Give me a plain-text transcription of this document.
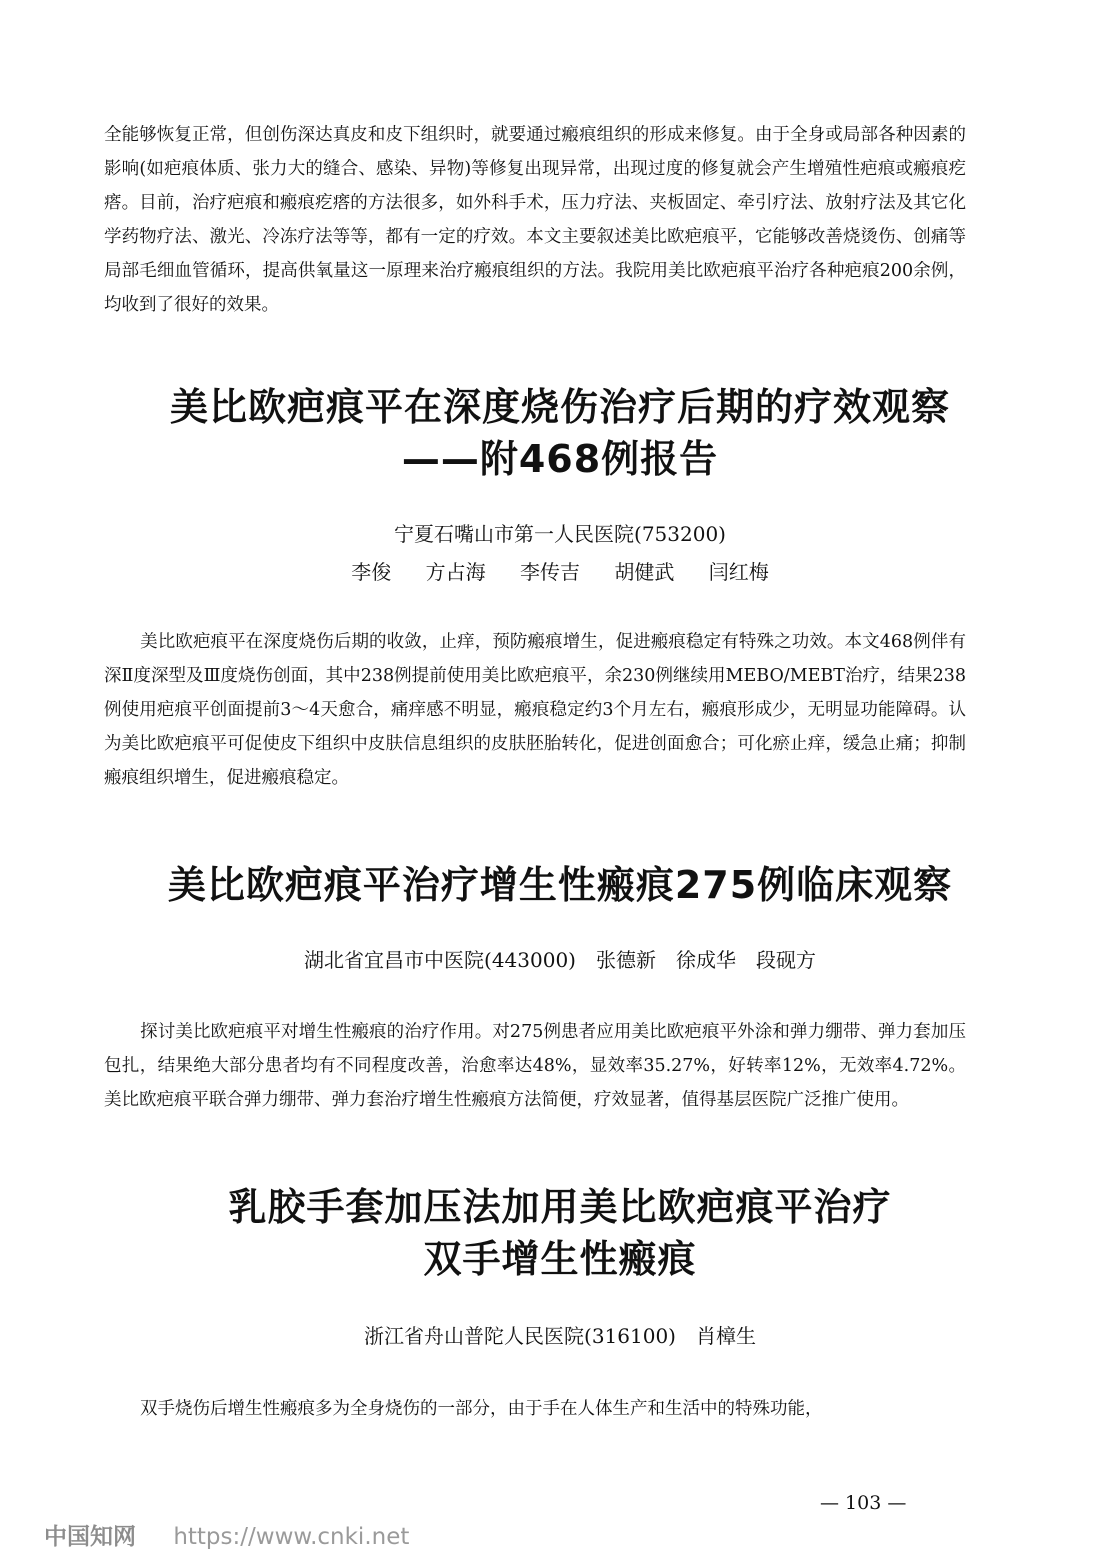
全能够恢复正常，但创伤深达真皮和皮下组织时，就要通过瘢痕组织的形成来修复。由于全身或局部各种因素的影响(如疤痕体质、张力大的缝合、感染、异物)等修复出现异常，出现过度的修复就会产生增殖性疤痕或瘢痕疙瘩。目前，治疗疤痕和瘢痕疙瘩的方法很多，如外科手术，压力疗法、夹板固定、牵引疗法、放射疗法及其它化学药物疗法、激光、冷冻疗法等等，都有一定的疗效。本文主要叙述美比欧疤痕平，它能够改善烧烫伤、创痛等局部毛细血管循环，提高供氧量这一原理来治疗瘢痕组织的方法。我院用美比欧疤痕平治疗各种疤痕200余例，均收到了很好的效果。

美比欧疤痕平在深度烧伤治疗后期的疗效观察
——附468例报告

宁夏石嘴山市第一人民医院(753200)

李俊 方占海 李传吉 胡健武 闫红梅

美比欧疤痕平在深度烧伤后期的收敛，止痒，预防瘢痕增生，促进瘢痕稳定有特殊之功效。本文468例伴有深Ⅱ度深型及Ⅲ度烧伤创面，其中238例提前使用美比欧疤痕平，余230例继续用MEBO/MEBT治疗，结果238例使用疤痕平创面提前3～4天愈合，痛痒感不明显，瘢痕稳定约3个月左右，瘢痕形成少，无明显功能障碍。认为美比欧疤痕平可促使皮下组织中皮肤信息组织的皮肤胚胎转化，促进创面愈合；可化瘀止痒，缓急止痛；抑制瘢痕组织增生，促进瘢痕稳定。

美比欧疤痕平治疗增生性瘢痕275例临床观察

湖北省宜昌市中医院(443000)　张德新　徐成华　段砚方

探讨美比欧疤痕平对增生性瘢痕的治疗作用。对275例患者应用美比欧疤痕平外涂和弹力绷带、弹力套加压包扎，结果绝大部分患者均有不同程度改善，治愈率达48%，显效率35.27%，好转率12%，无效率4.72%。美比欧疤痕平联合弹力绷带、弹力套治疗增生性瘢痕方法简便，疗效显著，值得基层医院广泛推广使用。

乳胶手套加压法加用美比欧疤痕平治疗
双手增生性瘢痕

浙江省舟山普陀人民医院(316100)　肖樟生

双手烧伤后增生性瘢痕多为全身烧伤的一部分，由于手在人体生产和生活中的特殊功能，

— 103 —
中国知网 https://www.cnki.net
